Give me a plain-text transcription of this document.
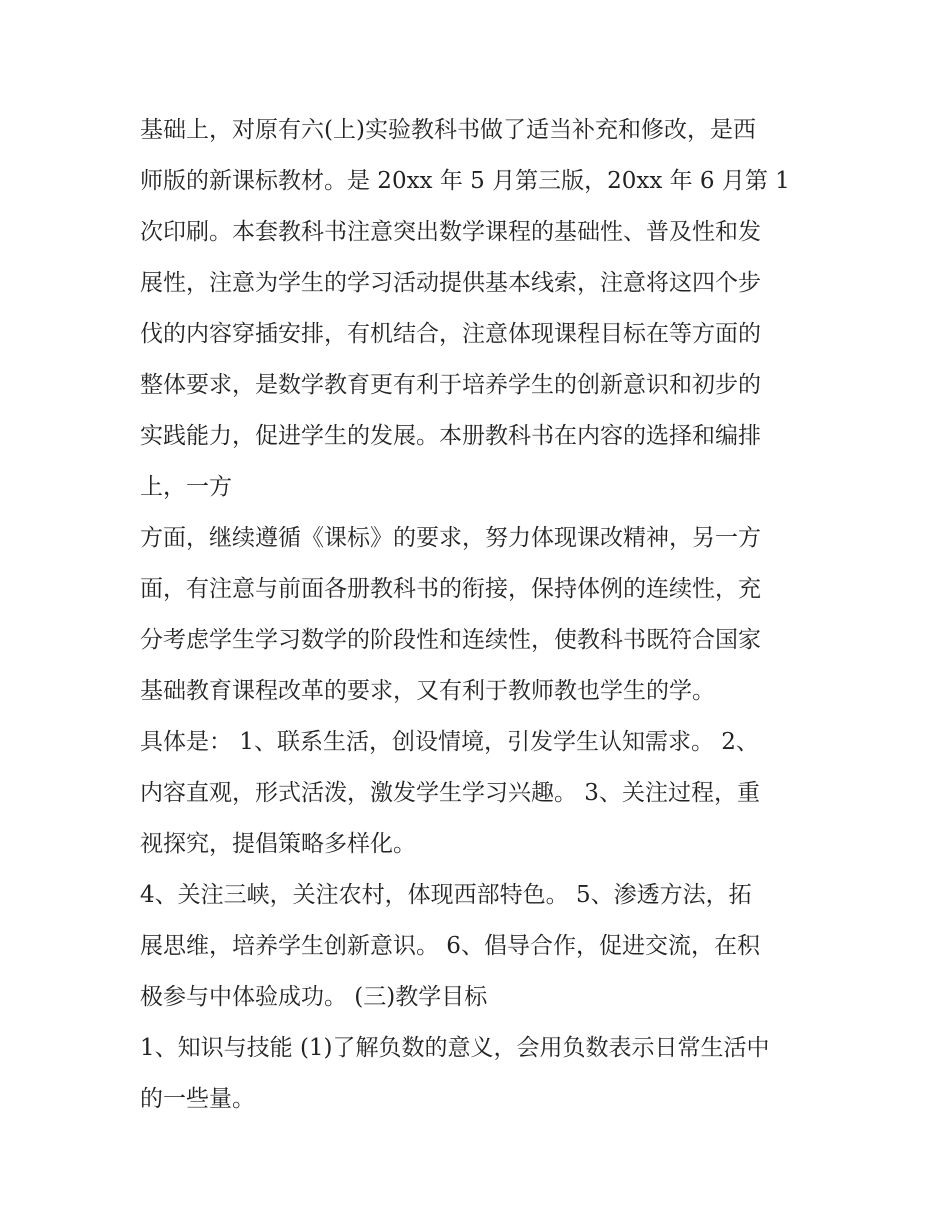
基础上，对原有六(上)实验教科书做了适当补充和修改，是西
师版的新课标教材。是 20xx 年 5 月第三版，20xx 年 6 月第 1
次印刷。本套教科书注意突出数学课程的基础性、普及性和发
展性，注意为学生的学习活动提供基本线索，注意将这四个步
伐的内容穿插安排，有机结合，注意体现课程目标在等方面的
整体要求，是数学教育更有利于培养学生的创新意识和初步的
实践能力，促进学生的发展。本册教科书在内容的选择和编排
上，一方

方面，继续遵循《课标》的要求，努力体现课改精神，另一方
面，有注意与前面各册教科书的衔接，保持体例的连续性，充
分考虑学生学习数学的阶段性和连续性，使教科书既符合国家
基础教育课程改革的要求，又有利于教师教也学生的学。

具体是： 1、联系生活，创设情境，引发学生认知需求。 2、
内容直观，形式活泼，激发学生学习兴趣。 3、关注过程，重
视探究，提倡策略多样化。

4、关注三峡，关注农村，体现西部特色。 5、渗透方法，拓
展思维，培养学生创新意识。 6、倡导合作，促进交流，在积
极参与中体验成功。 (三)教学目标

1、知识与技能 (1)了解负数的意义，会用负数表示日常生活中
的一些量。
